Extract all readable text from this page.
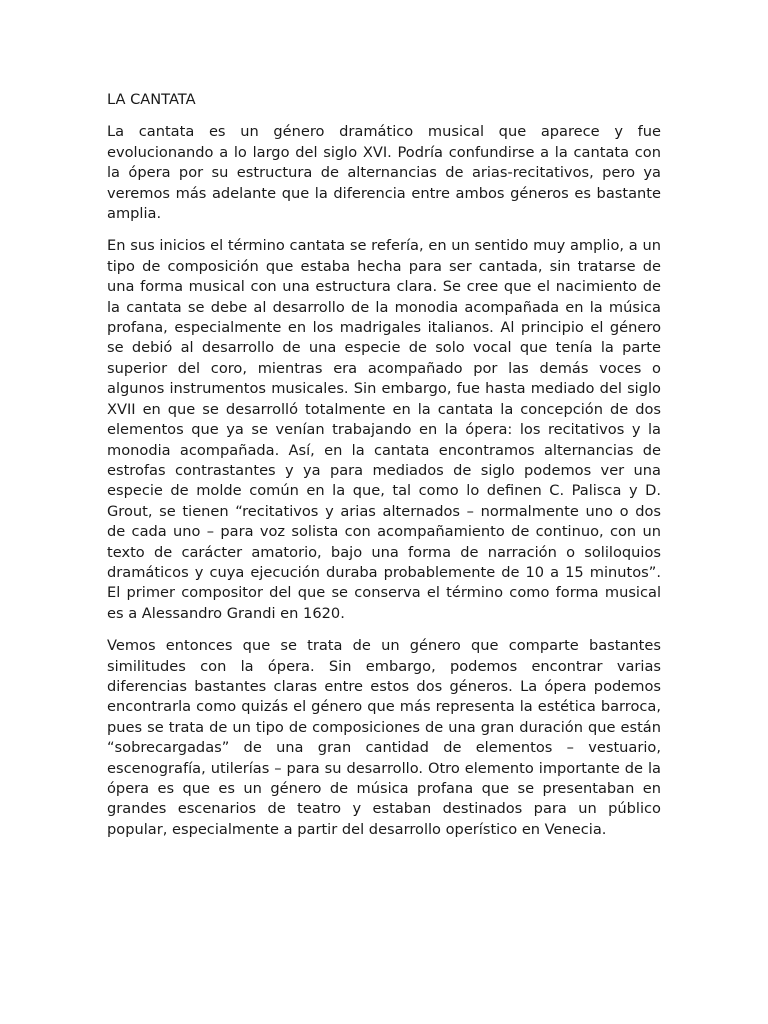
LA CANTATA

La cantata es un género dramático musical que aparece y fue evolucionando a lo largo del siglo XVI. Podría confundirse a la cantata con la ópera por su estructura de alternancias de arias-recitativos, pero ya veremos más adelante que la diferencia entre ambos géneros es bastante amplia.

En sus inicios el término cantata se refería, en un sentido muy amplio, a un tipo de composición que estaba hecha para ser cantada, sin tratarse de una forma musical con una estructura clara. Se cree que el nacimiento de la cantata se debe al desarrollo de la monodia acompañada en la música profana, especialmente en los madrigales italianos. Al principio el género se debió al desarrollo de una especie de solo vocal que tenía la parte superior del coro, mientras era acompañado por las demás voces o algunos instrumentos musicales. Sin embargo, fue hasta mediado del siglo XVII en que se desarrolló totalmente en la cantata la concepción de dos elementos que ya se venían trabajando en la ópera: los recitativos y la monodia acompañada. Así, en la cantata encontramos alternancias de estrofas contrastantes y ya para mediados de siglo podemos ver una especie de molde común en la que, tal como lo definen C. Palisca y D. Grout, se tienen “recitativos y arias alternados – normalmente uno o dos de cada uno – para voz solista con acompañamiento de continuo, con un texto de carácter amatorio, bajo una forma de narración o soliloquios dramáticos y cuya ejecución duraba probablemente de 10 a 15 minutos”. El primer compositor del que se conserva el término como forma musical es a Alessandro Grandi en 1620.

Vemos entonces que se trata de un género que comparte bastantes similitudes con la ópera. Sin embargo, podemos encontrar varias diferencias bastantes claras entre estos dos géneros. La ópera podemos encontrarla como quizás el género que más representa la estética barroca, pues se trata de un tipo de composiciones de una gran duración que están “sobrecargadas” de una gran cantidad de elementos – vestuario, escenografía, utilerías – para su desarrollo. Otro elemento importante de la ópera es que es un género de música profana que se presentaban en grandes escenarios de teatro y estaban destinados para un público popular, especialmente a partir del desarrollo operístico en Venecia.
